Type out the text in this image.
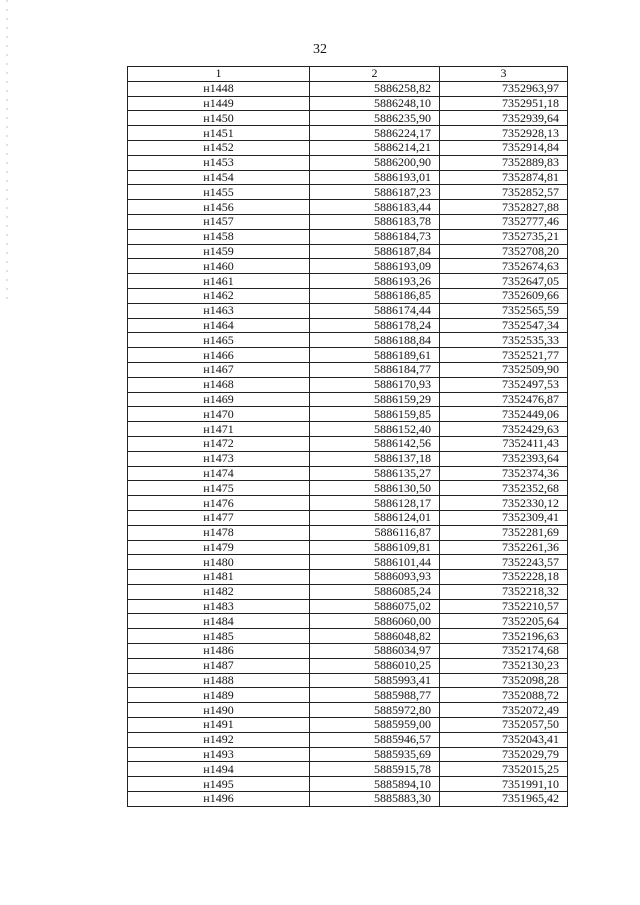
32
1	2	3
н1448	5886258,82	7352963,97
н1449	5886248,10	7352951,18
н1450	5886235,90	7352939,64
н1451	5886224,17	7352928,13
н1452	5886214,21	7352914,84
н1453	5886200,90	7352889,83
н1454	5886193,01	7352874,81
н1455	5886187,23	7352852,57
н1456	5886183,44	7352827,88
н1457	5886183,78	7352777,46
н1458	5886184,73	7352735,21
н1459	5886187,84	7352708,20
н1460	5886193,09	7352674,63
н1461	5886193,26	7352647,05
н1462	5886186,85	7352609,66
н1463	5886174,44	7352565,59
н1464	5886178,24	7352547,34
н1465	5886188,84	7352535,33
н1466	5886189,61	7352521,77
н1467	5886184,77	7352509,90
н1468	5886170,93	7352497,53
н1469	5886159,29	7352476,87
н1470	5886159,85	7352449,06
н1471	5886152,40	7352429,63
н1472	5886142,56	7352411,43
н1473	5886137,18	7352393,64
н1474	5886135,27	7352374,36
н1475	5886130,50	7352352,68
н1476	5886128,17	7352330,12
н1477	5886124,01	7352309,41
н1478	5886116,87	7352281,69
н1479	5886109,81	7352261,36
н1480	5886101,44	7352243,57
н1481	5886093,93	7352228,18
н1482	5886085,24	7352218,32
н1483	5886075,02	7352210,57
н1484	5886060,00	7352205,64
н1485	5886048,82	7352196,63
н1486	5886034,97	7352174,68
н1487	5886010,25	7352130,23
н1488	5885993,41	7352098,28
н1489	5885988,77	7352088,72
н1490	5885972,80	7352072,49
н1491	5885959,00	7352057,50
н1492	5885946,57	7352043,41
н1493	5885935,69	7352029,79
н1494	5885915,78	7352015,25
н1495	5885894,10	7351991,10
н1496	5885883,30	7351965,42
